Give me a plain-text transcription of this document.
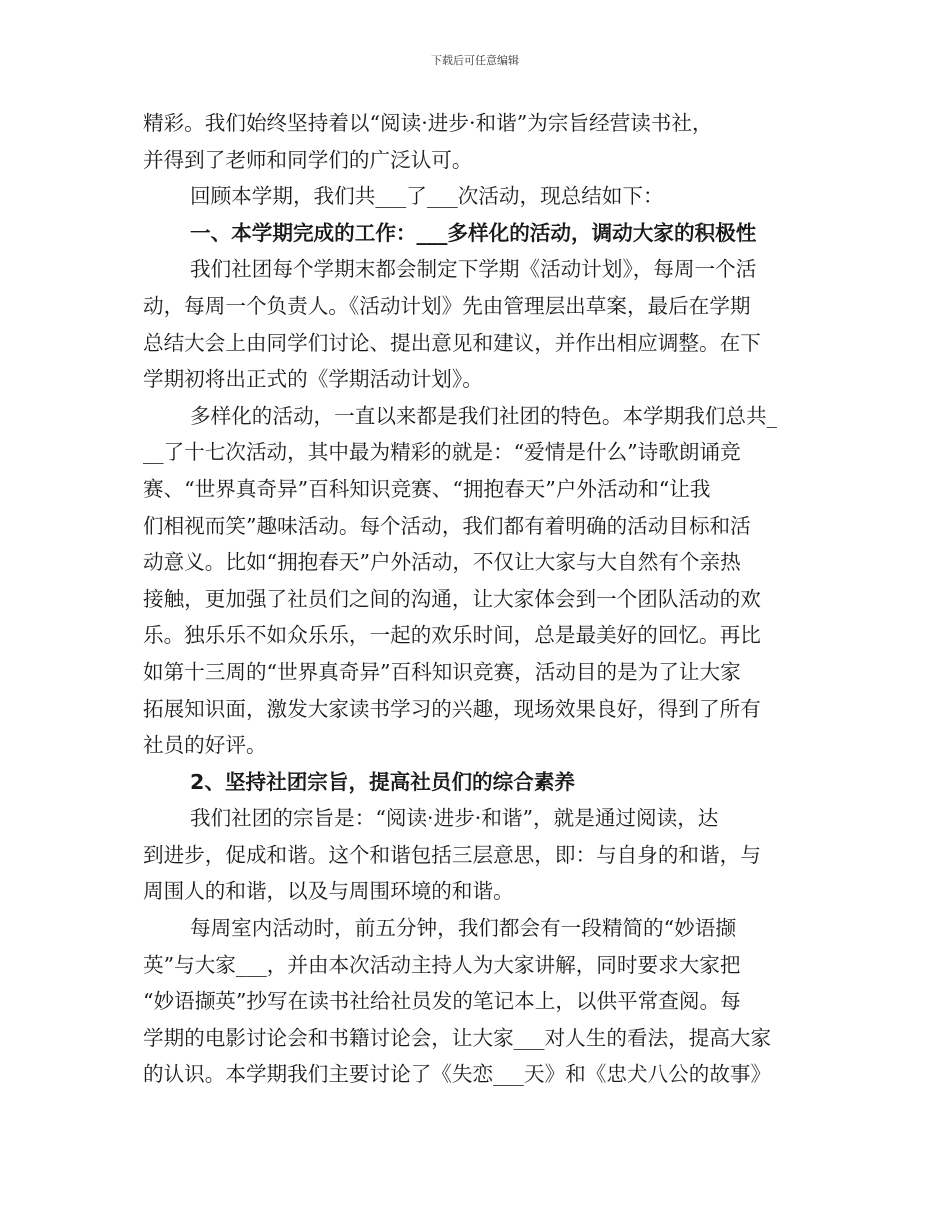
下载后可任意编辑
精彩。我们始终坚持着以“阅读·进步·和谐”为宗旨经营读书社，
并得到了老师和同学们的广泛认可。
回顾本学期，我们共___了___次活动，现总结如下：
一、本学期完成的工作：___多样化的活动，调动大家的积极性
我们社团每个学期末都会制定下学期《活动计划》，每周一个活
动，每周一个负责人。《活动计划》先由管理层出草案，最后在学期
总结大会上由同学们讨论、提出意见和建议，并作出相应调整。在下
学期初将出正式的《学期活动计划》。
多样化的活动，一直以来都是我们社团的特色。本学期我们总共_
__了十七次活动，其中最为精彩的就是：“爱情是什么”诗歌朗诵竞
赛、“世界真奇异”百科知识竞赛、“拥抱春天”户外活动和“让我
们相视而笑”趣味活动。每个活动，我们都有着明确的活动目标和活
动意义。比如“拥抱春天”户外活动，不仅让大家与大自然有个亲热
接触，更加强了社员们之间的沟通，让大家体会到一个团队活动的欢
乐。独乐乐不如众乐乐，一起的欢乐时间，总是最美好的回忆。再比
如第十三周的“世界真奇异”百科知识竞赛，活动目的是为了让大家
拓展知识面，激发大家读书学习的兴趣，现场效果良好，得到了所有
社员的好评。
2、坚持社团宗旨，提高社员们的综合素养
我们社团的宗旨是：“阅读·进步·和谐”，就是通过阅读，达
到进步，促成和谐。这个和谐包括三层意思，即：与自身的和谐，与
周围人的和谐，以及与周围环境的和谐。
每周室内活动时，前五分钟，我们都会有一段精简的“妙语撷
英”与大家___，并由本次活动主持人为大家讲解，同时要求大家把
“妙语撷英”抄写在读书社给社员发的笔记本上，以供平常查阅。每
学期的电影讨论会和书籍讨论会，让大家___对人生的看法，提高大家
的认识。本学期我们主要讨论了《失恋___天》和《忠犬八公的故事》
